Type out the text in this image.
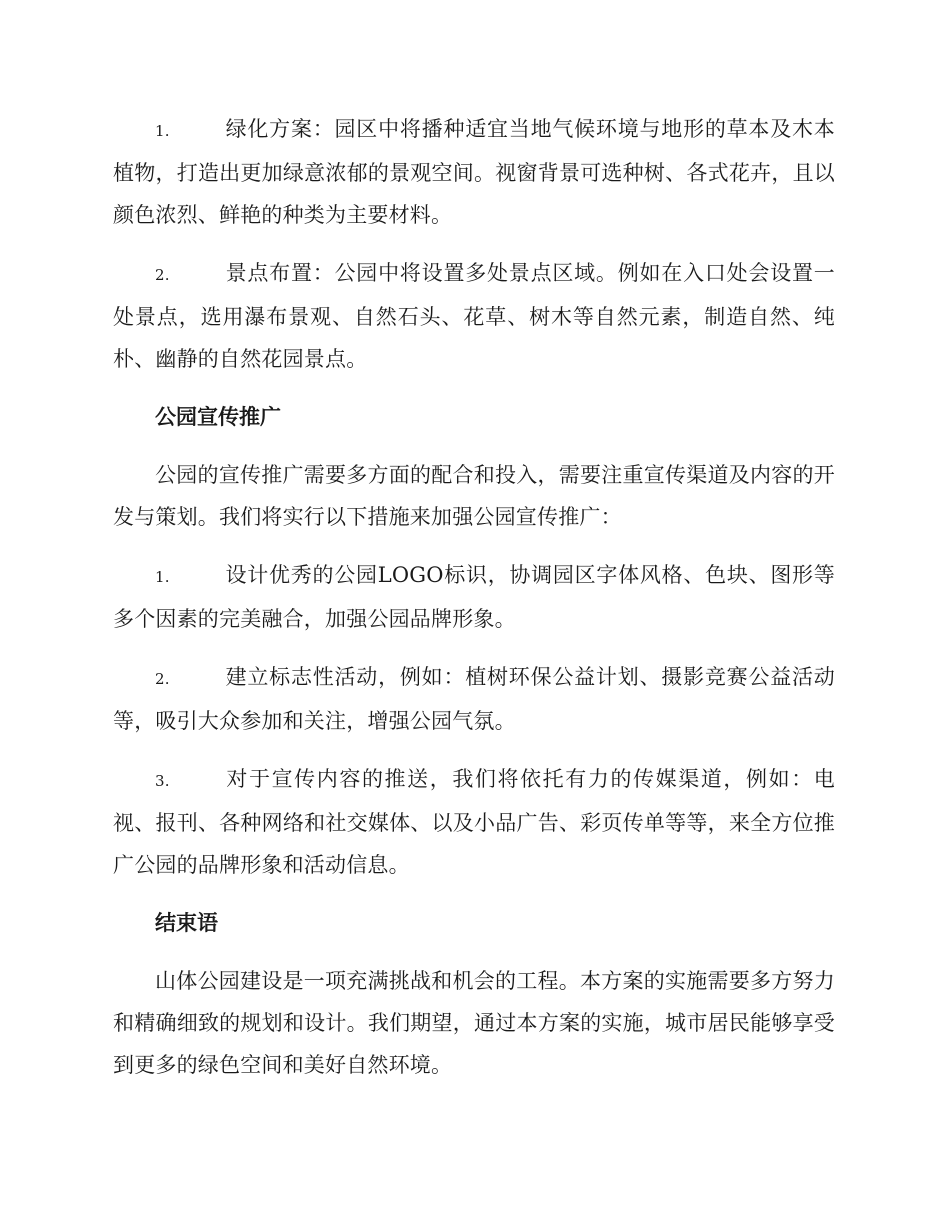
1.	绿化方案：园区中将播种适宜当地气候环境与地形的草本及木本植物，打造出更加绿意浓郁的景观空间。视窗背景可选种树、各式花卉，且以颜色浓烈、鲜艳的种类为主要材料。

2.	景点布置：公园中将设置多处景点区域。例如在入口处会设置一处景点，选用瀑布景观、自然石头、花草、树木等自然元素，制造自然、纯朴、幽静的自然花园景点。

公园宣传推广

公园的宣传推广需要多方面的配合和投入，需要注重宣传渠道及内容的开发与策划。我们将实行以下措施来加强公园宣传推广：

1.	设计优秀的公园LOGO标识，协调园区字体风格、色块、图形等多个因素的完美融合，加强公园品牌形象。

2.	建立标志性活动，例如：植树环保公益计划、摄影竞赛公益活动等，吸引大众参加和关注，增强公园气氛。

3.	对于宣传内容的推送，我们将依托有力的传媒渠道，例如：电视、报刊、各种网络和社交媒体、以及小品广告、彩页传单等等，来全方位推广公园的品牌形象和活动信息。

结束语

山体公园建设是一项充满挑战和机会的工程。本方案的实施需要多方努力和精确细致的规划和设计。我们期望，通过本方案的实施，城市居民能够享受到更多的绿色空间和美好自然环境。
